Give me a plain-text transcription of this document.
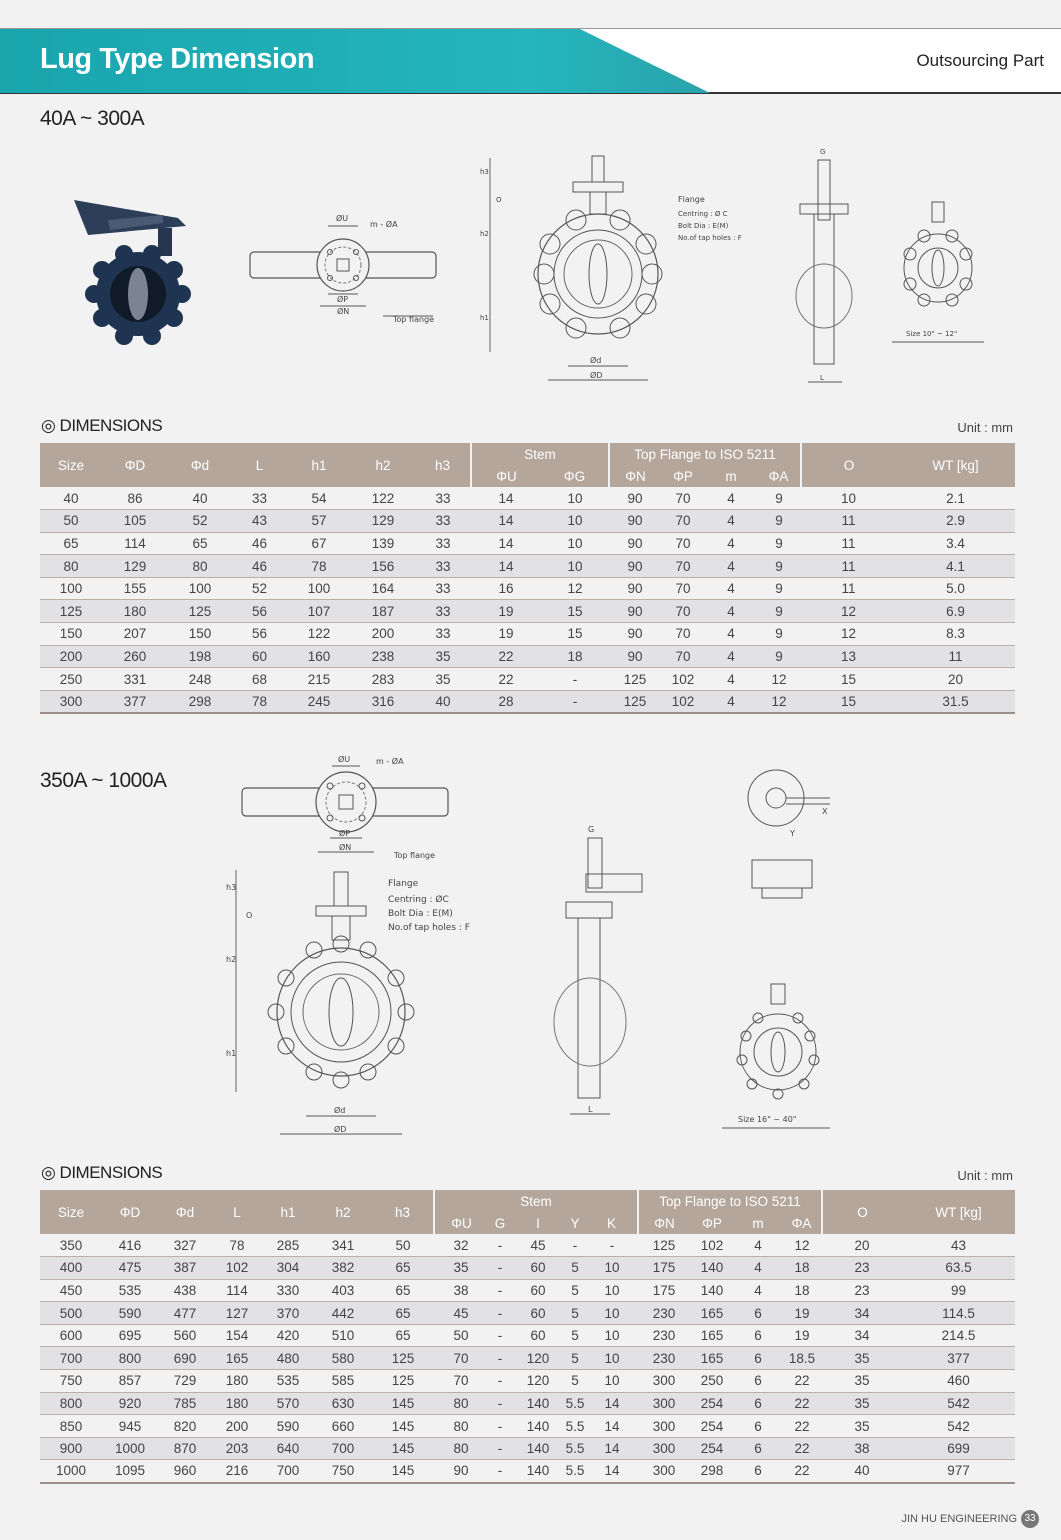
Lug Type Dimension	Outsourcing Part
40A ~ 300A
ØU
m - ØA
ØP
ØN
Top flange
h3
O
h2
h1
Ød
ØD
Flange
Centring : Ø C
Bolt Dia : E(M)
No.of tap holes : F
G
L
Size 10" ~ 12"
◎ DIMENSIONS	Unit : mm
Size	ΦD	Φd	L	h1	h2	h3	Stem		Top Flange to ISO 5211				O	WT [kg]
							ΦU	ΦG	ΦN	ΦP	m	ΦA		
40	86	40	33	54	122	33	14	10	90	70	4	9	10	2.1
50	105	52	43	57	129	33	14	10	90	70	4	9	11	2.9
65	114	65	46	67	139	33	14	10	90	70	4	9	11	3.4
80	129	80	46	78	156	33	14	10	90	70	4	9	11	4.1
100	155	100	52	100	164	33	16	12	90	70	4	9	11	5.0
125	180	125	56	107	187	33	19	15	90	70	4	9	12	6.9
150	207	150	56	122	200	33	19	15	90	70	4	9	12	8.3
200	260	198	60	160	238	35	22	18	90	70	4	9	13	11
250	331	248	68	215	283	35	22	-	125	102	4	12	15	20
300	377	298	78	245	316	40	28	-	125	102	4	12	15	31.5
350A ~ 1000A
ØU	m - ØA
ØP
ØN
Top flange
h3
O
h2
h1
Ød
ØD
Flange
Centring : ØC
Bolt Dia : E(M)
No.of tap holes : F
G
L
X
Y
Size 16" ~ 40"
◎ DIMENSIONS	Unit : mm
Size	ΦD	Φd	L	h1	h2	h3	Stem					Top Flange to ISO 5211				O	WT [kg]
							ΦU	G	I	Y	K	ΦN	ΦP	m	ΦA		
350	416	327	78	285	341	50	32	-	45	-	-	125	102	4	12	20	43
400	475	387	102	304	382	65	35	-	60	5	10	175	140	4	18	23	63.5
450	535	438	114	330	403	65	38	-	60	5	10	175	140	4	18	23	99
500	590	477	127	370	442	65	45	-	60	5	10	230	165	6	19	34	114.5
600	695	560	154	420	510	65	50	-	60	5	10	230	165	6	19	34	214.5
700	800	690	165	480	580	125	70	-	120	5	10	230	165	6	18.5	35	377
750	857	729	180	535	585	125	70	-	120	5	10	300	250	6	22	35	460
800	920	785	180	570	630	145	80	-	140	5.5	14	300	254	6	22	35	542
850	945	820	200	590	660	145	80	-	140	5.5	14	300	254	6	22	35	542
900	1000	870	203	640	700	145	80	-	140	5.5	14	300	254	6	22	38	699
1000	1095	960	216	700	750	145	90	-	140	5.5	14	300	298	6	22	40	977
JIN HU ENGINEERING 33
